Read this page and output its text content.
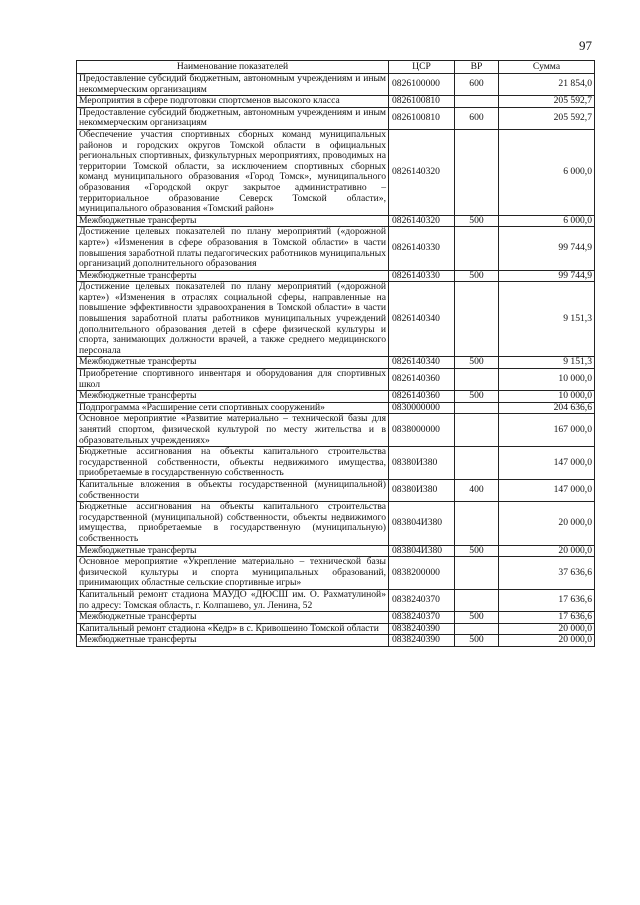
97
Наименование показателей	ЦСР	ВР	Сумма
Предоставление субсидий бюджетным, автономным учреждениям и иным некоммерческим организациям	0826100000	600	21 854,0
Мероприятия в сфере подготовки спортсменов высокого класса	0826100810		205 592,7
Предоставление субсидий бюджетным, автономным учреждениям и иным некоммерческим организациям	0826100810	600	205 592,7
Обеспечение участия спортивных сборных команд муниципальных районов и городских округов Томской области в официальных региональных спортивных, физкультурных мероприятиях, проводимых на территории Томской области, за исключением спортивных сборных команд муниципального образования «Город Томск», муниципального образования «Городской округ закрытое административно – территориальное образование Северск Томской области», муниципального образования «Томский район»	0826140320		6 000,0
Межбюджетные трансферты	0826140320	500	6 000,0
Достижение целевых показателей по плану мероприятий («дорожной карте») «Изменения в сфере образования в Томской области» в части повышения заработной платы педагогических работников муниципальных организаций дополнительного образования	0826140330		99 744,9
Межбюджетные трансферты	0826140330	500	99 744,9
Достижение целевых показателей по плану мероприятий («дорожной карте») «Изменения в отраслях социальной сферы, направленные на повышение эффективности здравоохранения в Томской области» в части повышения заработной платы работников муниципальных учреждений дополнительного образования детей в сфере физической культуры и спорта, занимающих должности врачей, а также среднего медицинского персонала	0826140340		9 151,3
Межбюджетные трансферты	0826140340	500	9 151,3
Приобретение спортивного инвентаря и оборудования для спортивных школ	0826140360		10 000,0
Межбюджетные трансферты	0826140360	500	10 000,0
Подпрограмма «Расширение сети спортивных сооружений»	0830000000		204 636,6
Основное мероприятие «Развитие материально – технической базы для занятий спортом, физической культурой по месту жительства и в образовательных учреждениях»	0838000000		167 000,0
Бюджетные ассигнования на объекты капитального строительства государственной собственности, объекты недвижимого имущества, приобретаемые в государственную собственность	08380И380		147 000,0
Капитальные вложения в объекты государственной (муниципальной) собственности	08380И380	400	147 000,0
Бюджетные ассигнования на объекты капитального строительства государственной (муниципальной) собственности, объекты недвижимого имущества, приобретаемые в государственную (муниципальную) собственность	083804И380		20 000,0
Межбюджетные трансферты	083804И380	500	20 000,0
Основное мероприятие «Укрепление материально – технической базы физической культуры и спорта муниципальных образований, принимающих областные сельские спортивные игры»	0838200000		37 636,6
Капитальный ремонт стадиона МАУДО «ДЮСШ им. О. Рахматулиной» по адресу: Томская область, г. Колпашево, ул. Ленина, 52	0838240370		17 636,6
Межбюджетные трансферты	0838240370	500	17 636,6
Капитальный ремонт стадиона «Кедр» в с. Кривошеино Томской области	0838240390		20 000,0
Межбюджетные трансферты	0838240390	500	20 000,0
